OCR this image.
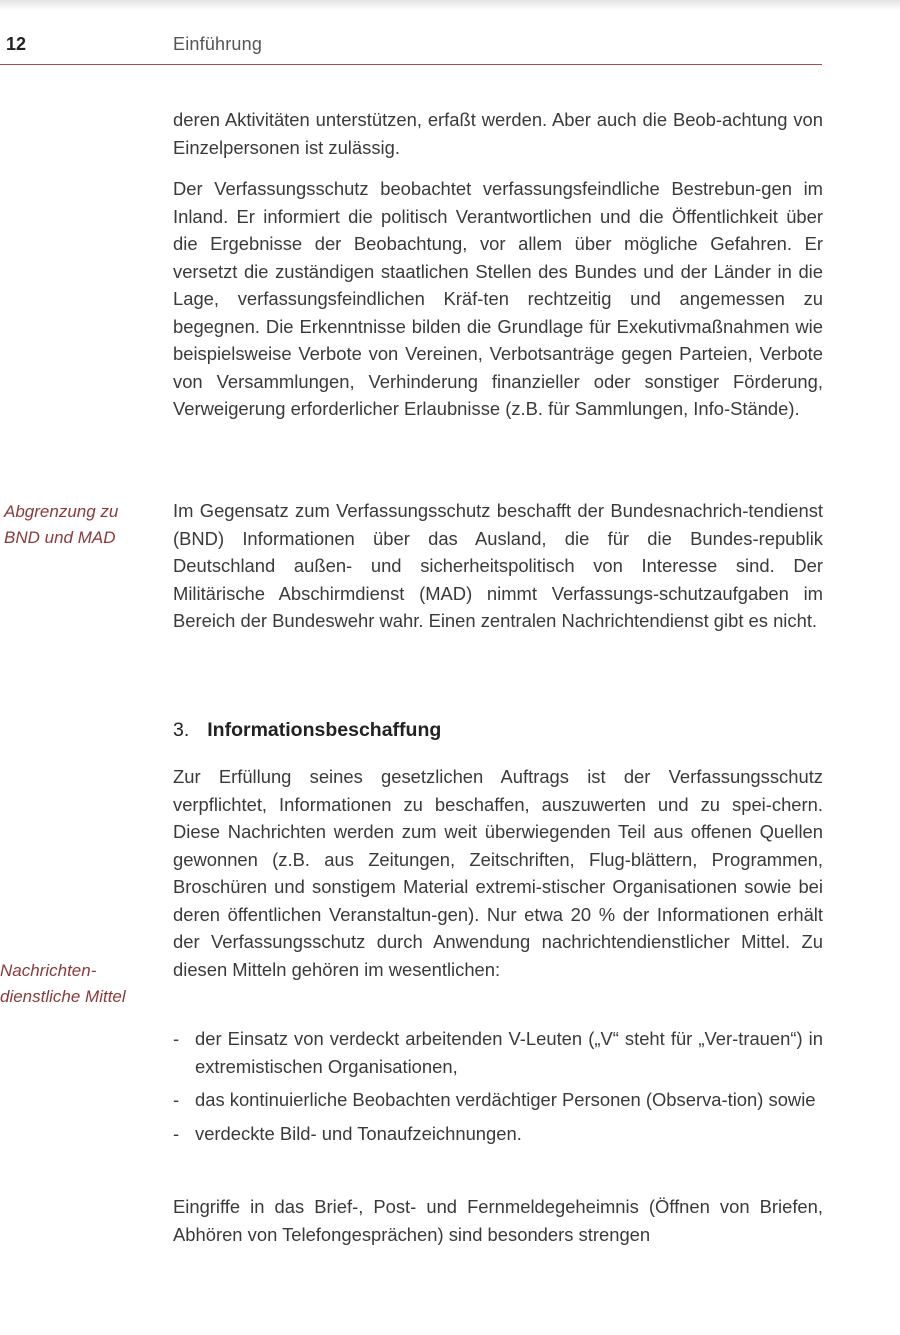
12	Einführung

deren Aktivitäten unterstützen, erfaßt werden. Aber auch die Beob-achtung von Einzelpersonen ist zulässig.

Der Verfassungsschutz beobachtet verfassungsfeindliche Bestrebun-gen im Inland. Er informiert die politisch Verantwortlichen und die Öffentlichkeit über die Ergebnisse der Beobachtung, vor allem über mögliche Gefahren. Er versetzt die zuständigen staatlichen Stellen des Bundes und der Länder in die Lage, verfassungsfeindlichen Kräf-ten rechtzeitig und angemessen zu begegnen. Die Erkenntnisse bilden die Grundlage für Exekutivmaßnahmen wie beispielsweise Verbote von Vereinen, Verbotsanträge gegen Parteien, Verbote von Versammlungen, Verhinderung finanzieller oder sonstiger Förderung, Verweigerung erforderlicher Erlaubnisse (z.B. für Sammlungen, Info-Stände).

Abgrenzung zu
BND und MAD

Im Gegensatz zum Verfassungsschutz beschafft der Bundesnachrich-tendienst (BND) Informationen über das Ausland, die für die Bundes-republik Deutschland außen- und sicherheitspolitisch von Interesse sind. Der Militärische Abschirmdienst (MAD) nimmt Verfassungs-schutzaufgaben im Bereich der Bundeswehr wahr. Einen zentralen Nachrichtendienst gibt es nicht.

3. Informationsbeschaffung

Zur Erfüllung seines gesetzlichen Auftrags ist der Verfassungsschutz verpflichtet, Informationen zu beschaffen, auszuwerten und zu spei-chern. Diese Nachrichten werden zum weit überwiegenden Teil aus offenen Quellen gewonnen (z.B. aus Zeitungen, Zeitschriften, Flug-blättern, Programmen, Broschüren und sonstigem Material extremi-stischer Organisationen sowie bei deren öffentlichen Veranstaltun-gen). Nur etwa 20 % der Informationen erhält der Verfassungsschutz durch Anwendung nachrichtendienstlicher Mittel. Zu diesen Mitteln gehören im wesentlichen:

Nachrichten-
dienstliche Mittel
- der Einsatz von verdeckt arbeitenden V-Leuten („V“ steht für „Ver-trauen“) in extremistischen Organisationen,
- das kontinuierliche Beobachten verdächtiger Personen (Observa-tion) sowie
- verdeckte Bild- und Tonaufzeichnungen.

Eingriffe in das Brief-, Post- und Fernmeldegeheimnis (Öffnen von Briefen, Abhören von Telefongesprächen) sind besonders strengen
